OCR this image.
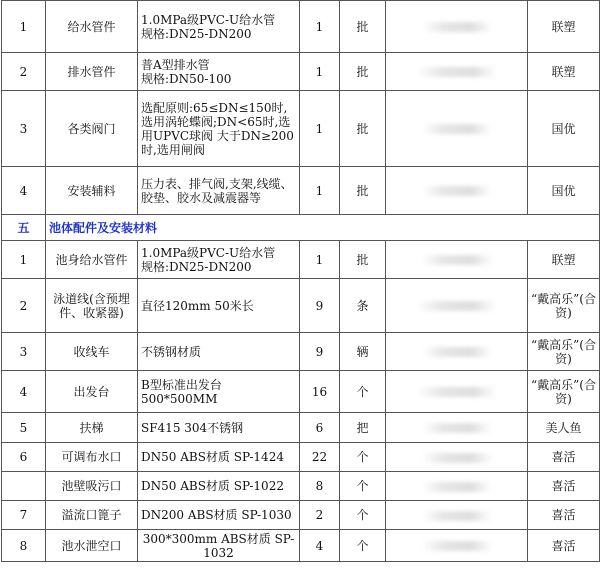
1	给水管件	1.0MPa级PVC-U给水管
规格:DN25-DN200	1	批		联塑
2	排水管件	普A型排水管
规格:DN50-100	1	批		联塑
3	各类阀门	选配原则:65≤DN≤150时,选用涡轮蝶阀;DN<65时,选用UPVC球阀 大于DN≥200时,选用闸阀	1	批		国优
4	安装辅料	压力表、排气阀,支架,线缆、胶垫、胶水及减震器等	1	批		国优
五	池体配件及安装材料					
1	池身给水管件	1.0MPa级PVC-U给水管
规格:DN25-DN200	1	批		联塑
2	泳道线(含预埋件、收紧器)	直径120mm 50米长	9	条		“戴高乐”(合资)
3	收线车	不锈钢材质	9	辆		“戴高乐”(合资)
4	出发台	B型标准出发台500*500MM	16	个		“戴高乐”(合资)
5	扶梯	SF415 304不锈钢	6	把		美人鱼
6	可调布水口	DN50 ABS材质 SP-1424	22	个		喜活
	池壁吸污口	DN50 ABS材质 SP-1022	8	个		喜活
7	溢流口篦子	DN200 ABS材质 SP-1030	2	个		喜活
8	池水泄空口	300*300mm ABS材质 SP-1032	4	个		喜活
